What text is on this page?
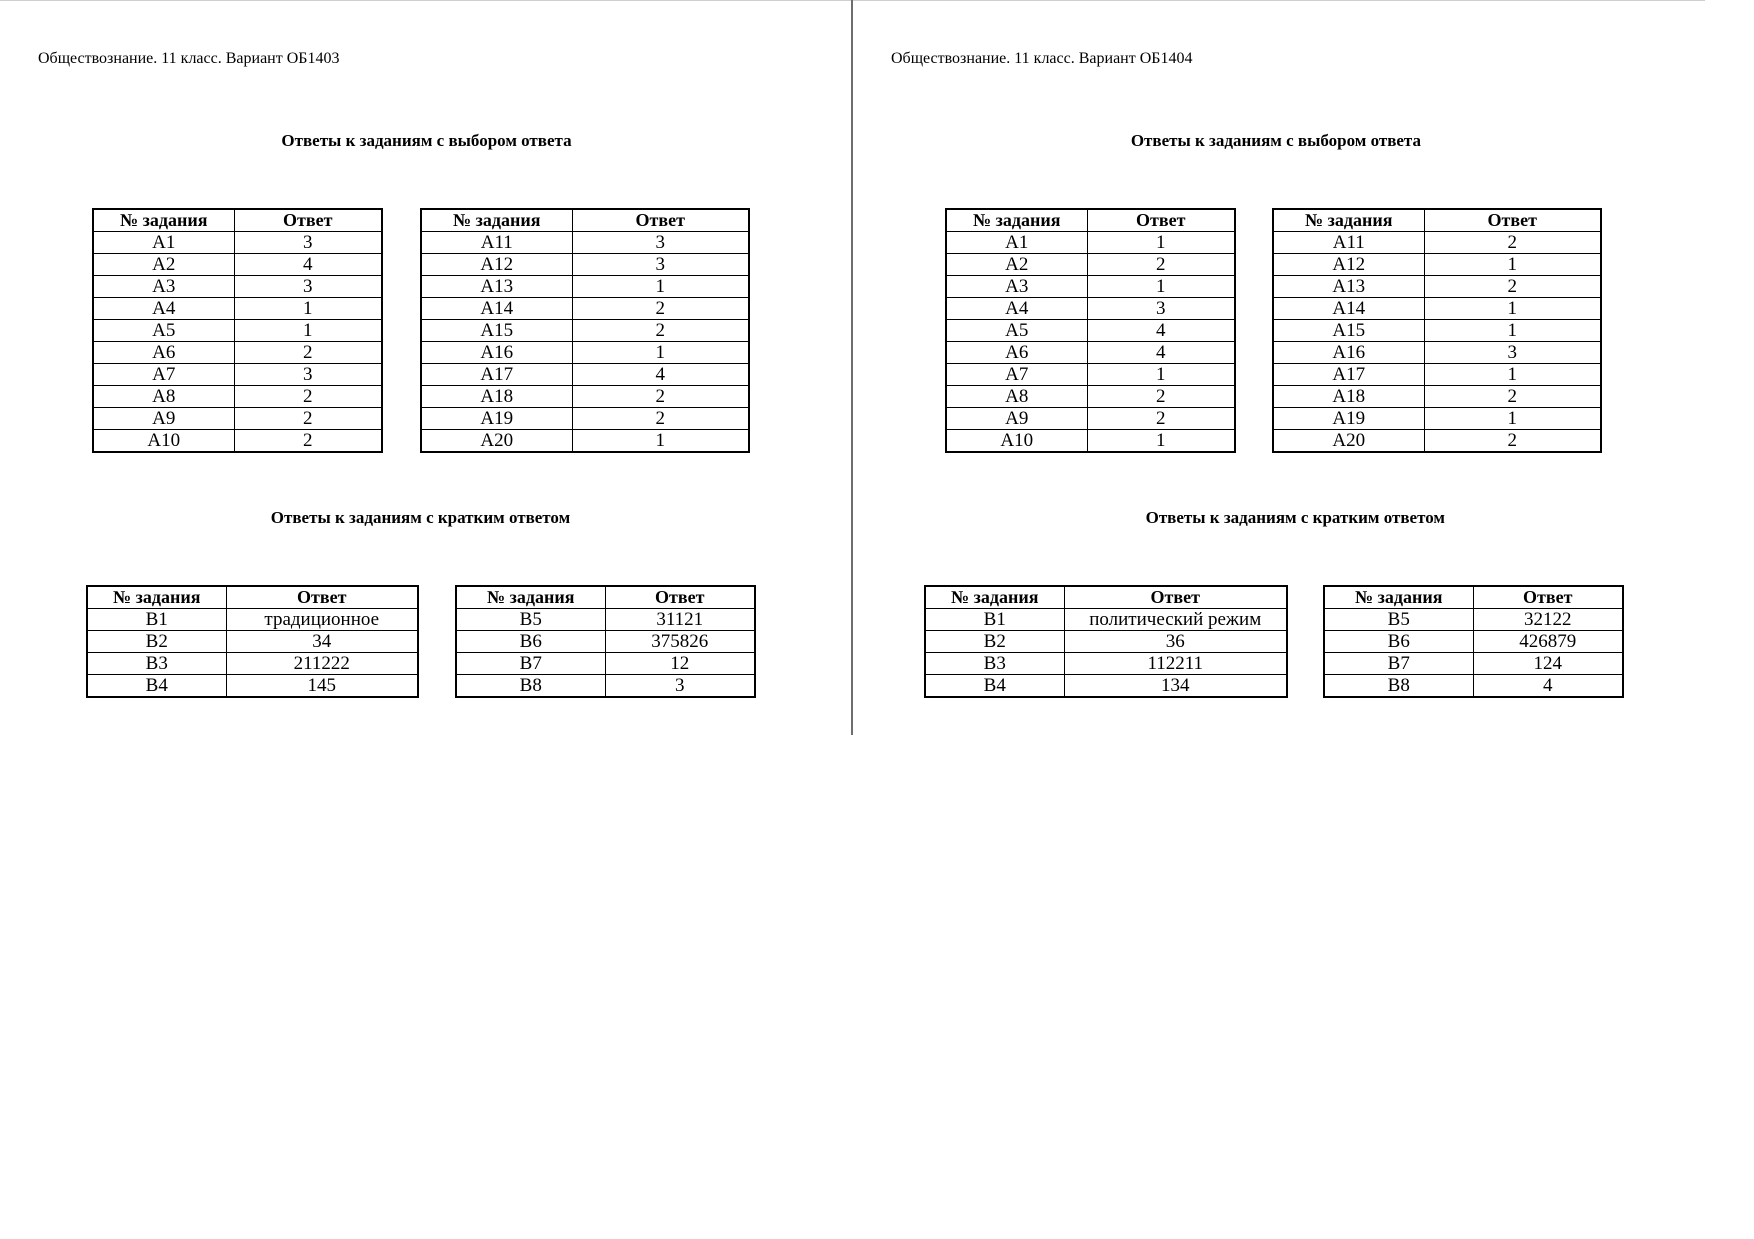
Обществознание. 11 класс. Вариант ОБ1403
Ответы к заданиям с выбором ответа
№ задания	Ответ
A1	3
A2	4
A3	3
A4	1
A5	1
A6	2
A7	3
A8	2
A9	2
A10	2
№ задания	Ответ
A11	3
A12	3
A13	1
A14	2
A15	2
A16	1
A17	4
A18	2
A19	2
A20	1
Ответы к заданиям с кратким ответом
№ задания	Ответ
B1	традиционное
B2	34
B3	211222
B4	145
№ задания	Ответ
B5	31121
B6	375826
B7	12
B8	3
Обществознание. 11 класс. Вариант ОБ1404
Ответы к заданиям с выбором ответа
№ задания	Ответ
A1	1
A2	2
A3	1
A4	3
A5	4
A6	4
A7	1
A8	2
A9	2
A10	1
№ задания	Ответ
A11	2
A12	1
A13	2
A14	1
A15	1
A16	3
A17	1
A18	2
A19	1
A20	2
Ответы к заданиям с кратким ответом
№ задания	Ответ
B1	политический режим
B2	36
B3	112211
B4	134
№ задания	Ответ
B5	32122
B6	426879
B7	124
B8	4
